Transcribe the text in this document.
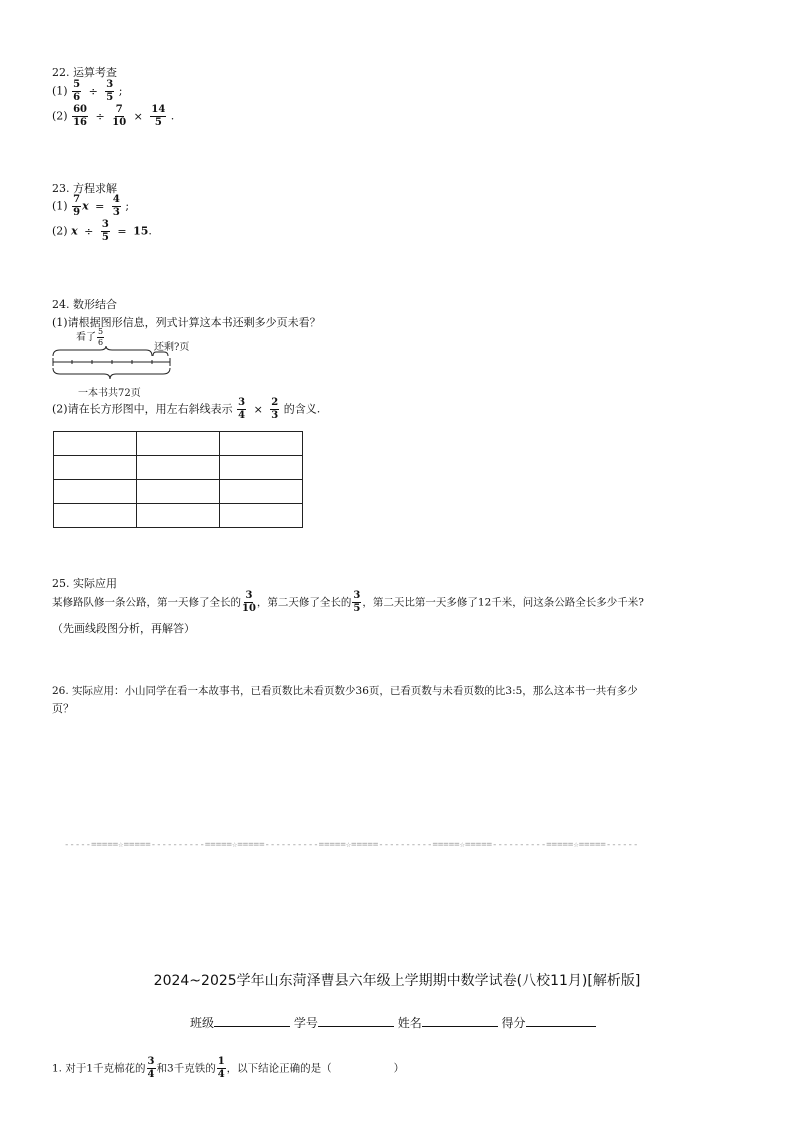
22. 运算考查
$(1) \frac{5}{6} \div \frac{3}{5}$ ;
$(2) \frac{60}{16} \div \frac{7}{10} \times \frac{14}{5}$ .
23. 方程求解
$(1) \frac{7}{9}$ $x = \frac{4}{3}$ ;
(2) $x \div \frac{3}{5} = 15$.
24. 数形结合
(1)请根据图形信息，列式计算这本书还剩多少页未看？
看了 $\frac{5}{6}$
还剩?页
一本书共72页
(2)请在长方形图中，用左右斜线表示 $\frac{3}{4} \times \frac{2}{3}$ 的含义.

25. 实际应用
某修路队修一条公路，第一天修了全长的 $\frac{3}{10}$ ，第二天修了全长的 $\frac{3}{5}$ ，第二天比第一天多修了12千米，问这条公路全长多少千米?
（先画线段图分析，再解答）
26. 实际应用：小山同学在看一本故事书，已看页数比未看页数少36页，已看页数与未看页数的比3:5，那么这本书一共有多少
页？
-----=====☆=====----------=====☆=====----------=====☆=====----------=====☆=====----------=====☆=====------
2024~2025学年山东菏泽曹县六年级上学期期中数学试卷(八校11月)[解析版]
班级	学号	姓名	得分
1. 对于1千克棉花的 $\frac{3}{4}$ 和3千克铁的 $\frac{1}{4}$ ，以下结论正确的是（	）
